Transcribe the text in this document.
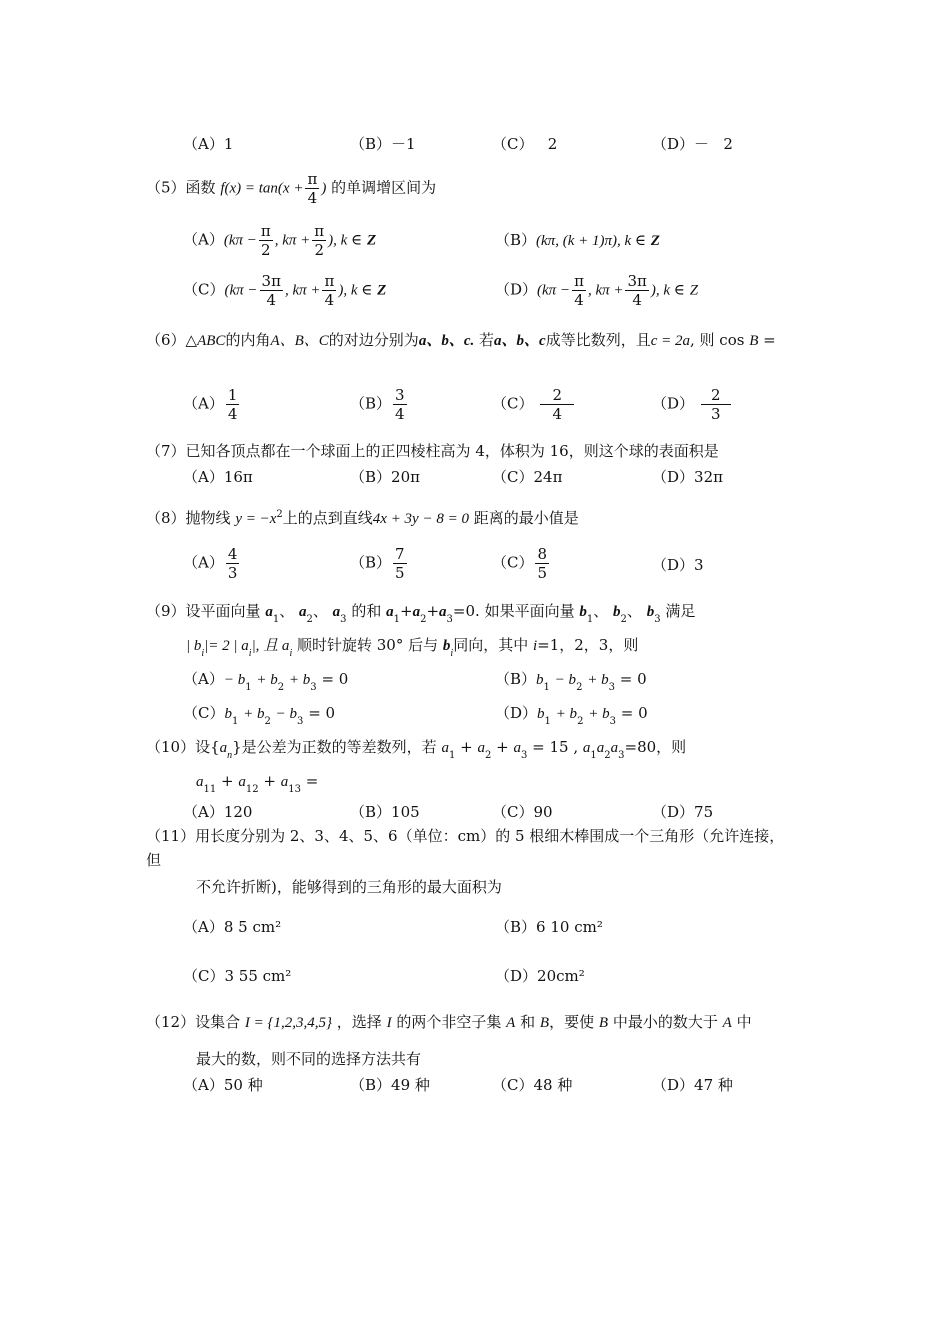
（A）1	（B）－1	（C） 2	（D）－ 2
（5）函数 $f(x) = \tan(x + \frac{\pi}{4}$ ) 的单调增区间为
$(A)(k\pi - \frac{\pi}{2}$ , $k\pi + \frac{\pi}{2}$ ), k ∈ Z	（B）(kπ, (k + 1)π), k ∈ Z
$(C)(k\pi - \frac{3\pi}{4}$ , $k\pi + \frac{\pi}{4}$ ), k ∈ Z	$(D)(k\pi - \frac{\pi}{4}$ , $k\pi + \frac{3\pi}{4}$ ), k ∈ Z
（6）△ABC的内角A、B、C的对边分别为a、b、c. 若a、b、c成等比数列，且c = 2a, 则 cos B =
$(A) \frac{1}{4}$	$(B) \frac{3}{4}$	$(C) \frac{2}{4}$	$(D) \frac{2}{3}$
（7）已知各顶点都在一个球面上的正四棱柱高为 4，体积为 16，则这个球的表面积是
（A）16π	（B）20π	（C）24π	（D）32π
（8）抛物线 $y = -x^2$上的点到直线4x + 3y − 8 = 0 距离的最小值是
$(A) \frac{4}{3}$	$(B) \frac{7}{5}$	$(C) \frac{8}{5}$	（D）3
（9）设平面向量 $a_1$、 $a_2$、 $a_3$ 的和 $a_1+a_2+a_3=0$. 如果平面向量 $b_1$、 $b_2$、 $b_3$ 满足
| $b_i|= 2$ | $a_i|$, 且 $a_i$ 顺时针旋转 30° 后与 $b_i$同向，其中 i=1，2，3，则
$(A)- b_1 + b_2 + b_3 = 0$	$(B)b_1 - b_2 + b_3 = 0$
$(C)b_1 + b_2 - b_3 = 0$	$(D)b_1 + b_2 + b_3 = 0$
（10）设$\{a_n\}$是公差为正数的等差数列，若 $a_1 + a_2 + a_3 = 15$ , $a_1a_2a_3=80$，则
$a_{11} + a_{12} + a_{13}$ =
（A）120	（B）105	（C）90	（D）75
（11）用长度分别为 2、3、4、5、6（单位：cm）的 5 根细木棒围成一个三角形（允许连接，
但
不允许折断)，能够得到的三角形的最大面积为
（A）8 5 cm²	（B）6 10 cm²
（C）3 55 cm²	（D）20cm²
（12）设集合 I = {1,2,3,4,5} ，选择 I 的两个非空子集 A 和 B，要使 B 中最小的数大于 A 中
最大的数，则不同的选择方法共有
（A）50 种	（B）49 种	（C）48 种	（D）47 种
